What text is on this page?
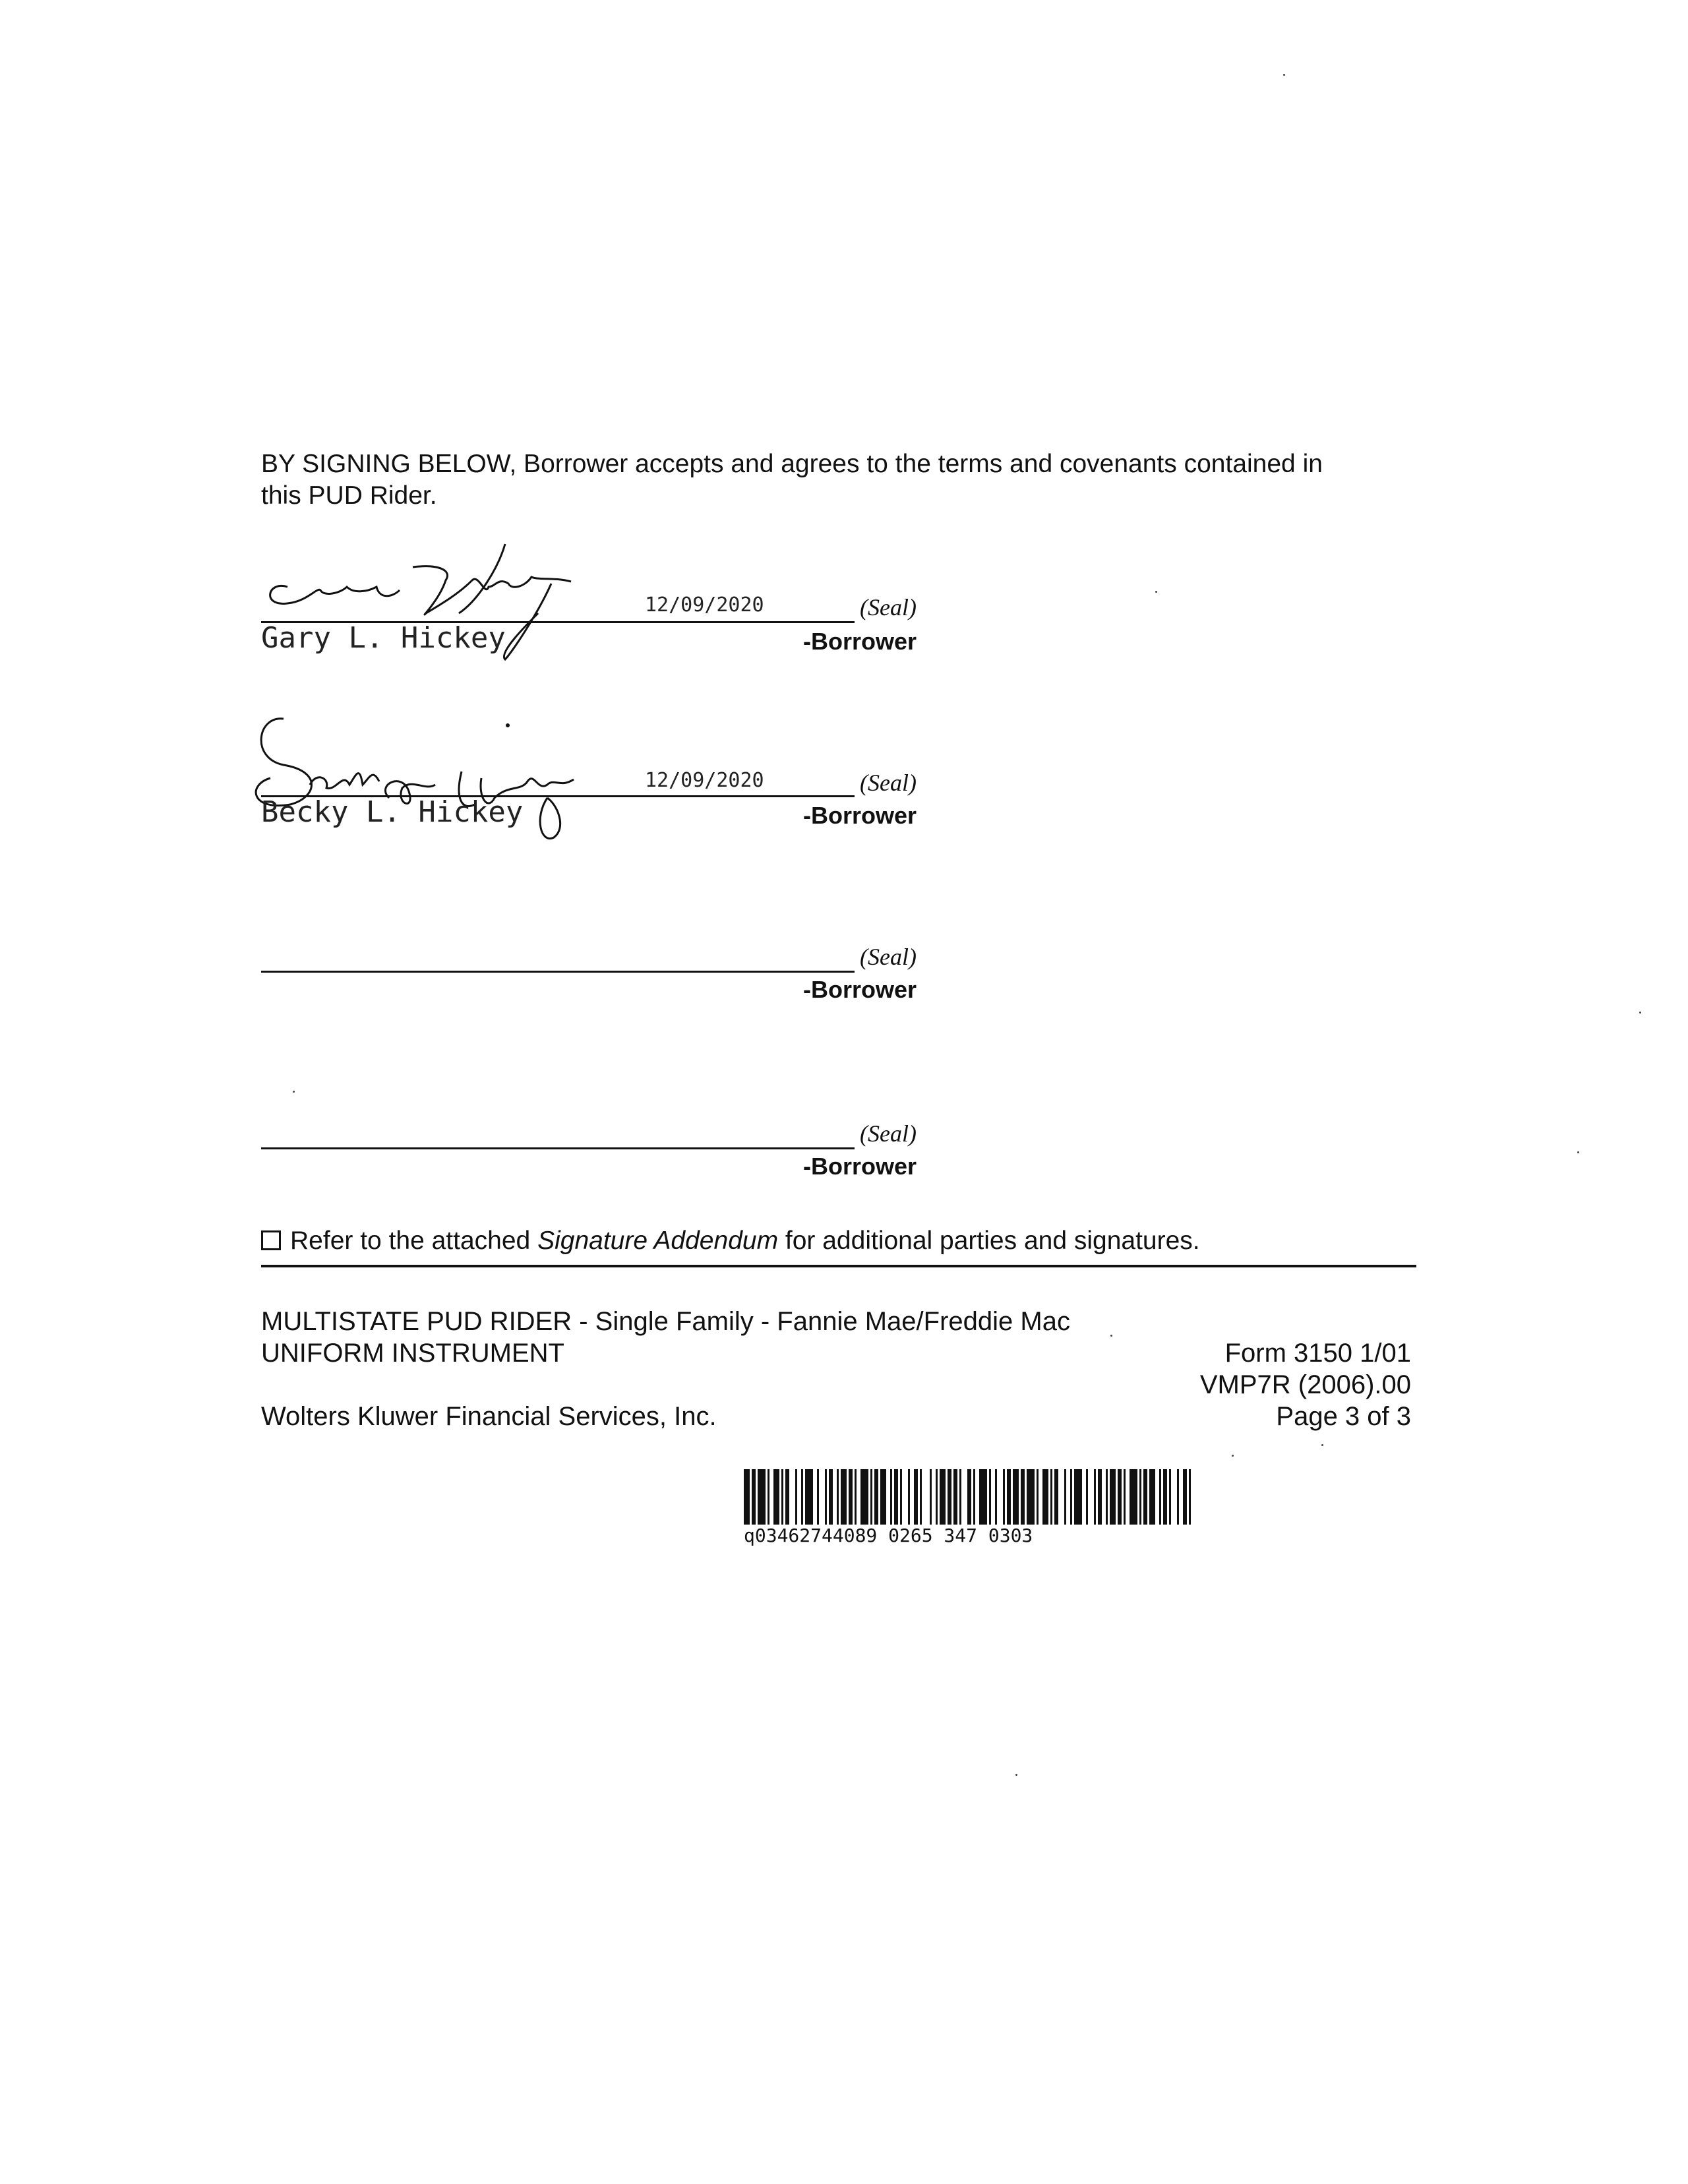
BY SIGNING BELOW, Borrower accepts and agrees to the terms and covenants contained in
this PUD Rider.
Gary L. Hickey
12/09/2020	(Seal)
-Borrower
Becky L. Hickey
12/09/2020	(Seal)
-Borrower
(Seal)
-Borrower
(Seal)
-Borrower
Refer to the attached Signature Addendum for additional parties and signatures.
MULTISTATE PUD RIDER - Single Family - Fannie Mae/Freddie Mac
UNIFORM INSTRUMENT	Form 3150 1/01
VMP7R (2006).00
Wolters Kluwer Financial Services, Inc.	Page 3 of 3
q03462744089 0265 347 0303
